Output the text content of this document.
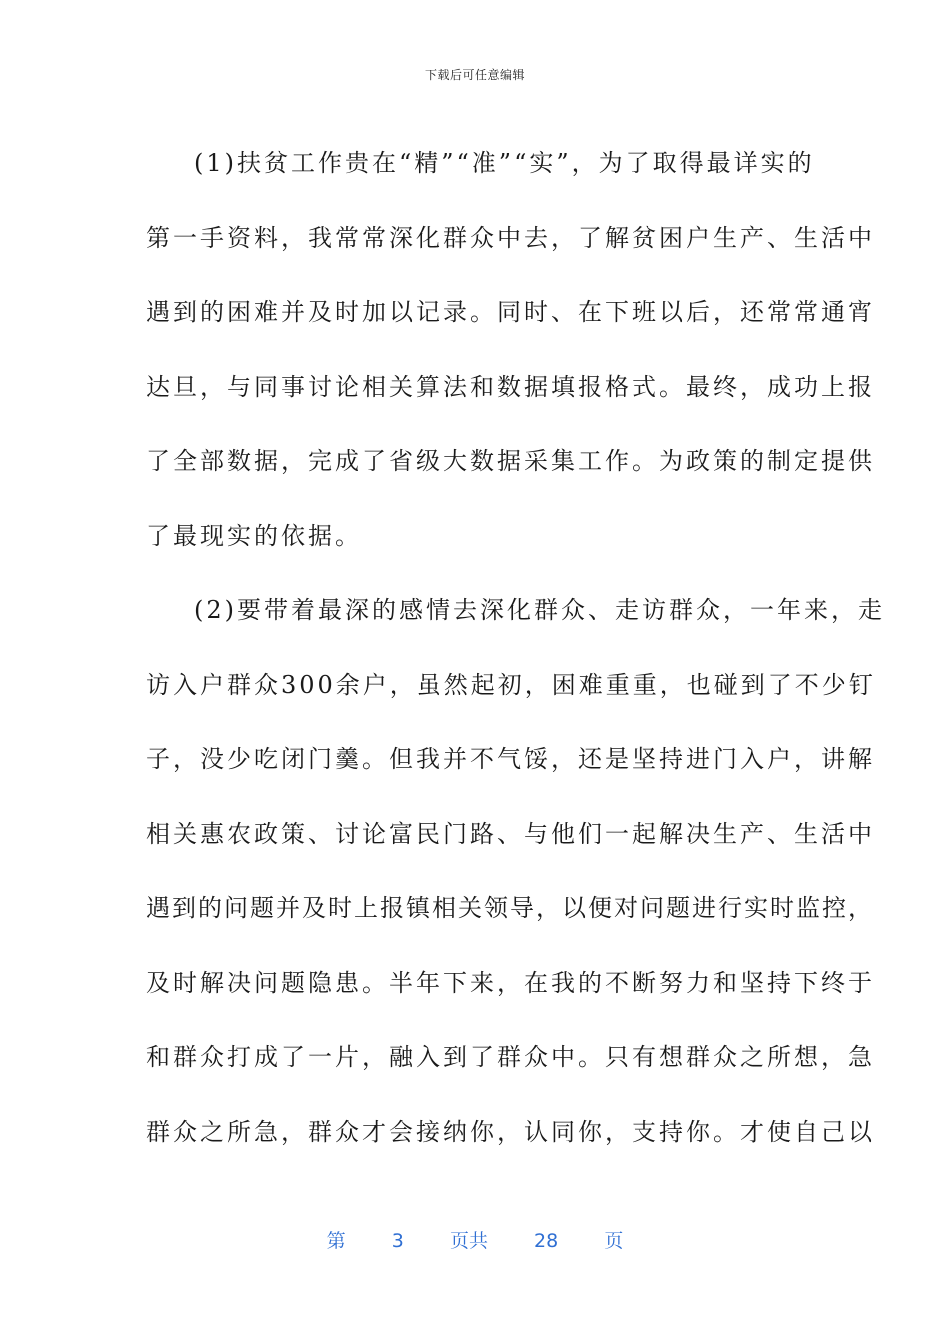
下载后可任意编辑
(1)扶贫工作贵在“精”“准”“实”，为了取得最详实的
第一手资料，我常常深化群众中去，了解贫困户生产、生活中
遇到的困难并及时加以记录。同时、在下班以后，还常常通宵
达旦，与同事讨论相关算法和数据填报格式。最终，成功上报
了全部数据，完成了省级大数据采集工作。为政策的制定提供
了最现实的依据。
(2)要带着最深的感情去深化群众、走访群众，一年来，走
访入户群众300余户，虽然起初，困难重重，也碰到了不少钉
子，没少吃闭门羹。但我并不气馁，还是坚持进门入户，讲解
相关惠农政策、讨论富民门路、与他们一起解决生产、生活中
遇到的问题并及时上报镇相关领导，以便对问题进行实时监控，
及时解决问题隐患。半年下来，在我的不断努力和坚持下终于
和群众打成了一片，融入到了群众中。只有想群众之所想，急
群众之所急，群众才会接纳你，认同你，支持你。才使自己以
第 3 页共 28 页
